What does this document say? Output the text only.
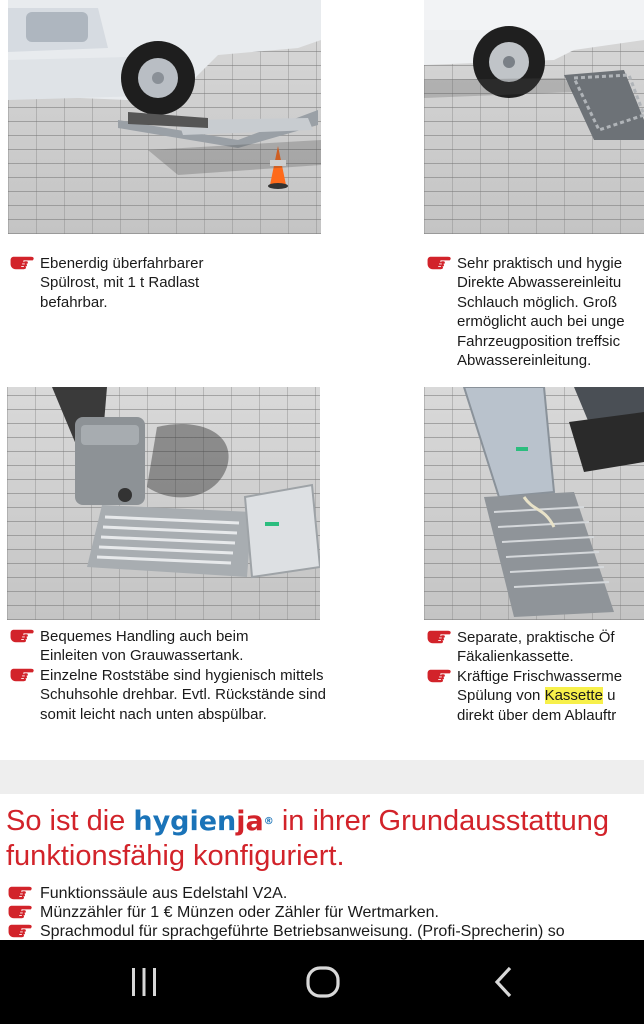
Ebenerdig überfahrbarer
Spülrost, mit 1 t Radlast
befahrbar.
Sehr praktisch und hygie
Direkte Abwassereinleitu
Schlauch möglich. Groß
ermöglicht auch bei unge
Fahrzeugposition treffsic
Abwassereinleitung.
Bequemes Handling auch beim
Einleiten von Grauwassertank.
Einzelne Roststäbe sind hygienisch mittels
Schuhsohle drehbar. Evtl. Rückstände sind
somit leicht nach unten abspülbar.
Separate, praktische Öf
Fäkalienkassette.
Kräftige Frischwasserme
Spülung von Kassette u
direkt über dem Ablauftr
So ist die hygienja® in ihrer Grundausstattung
funktionsfähig konfiguriert.
Funktionssäule aus Edelstahl V2A.
Münzzähler für 1 € Münzen oder Zähler für Wertmarken.
Sprachmodul für sprachgeführte Betriebsanweisung. (Profi-Sprecherin) so
